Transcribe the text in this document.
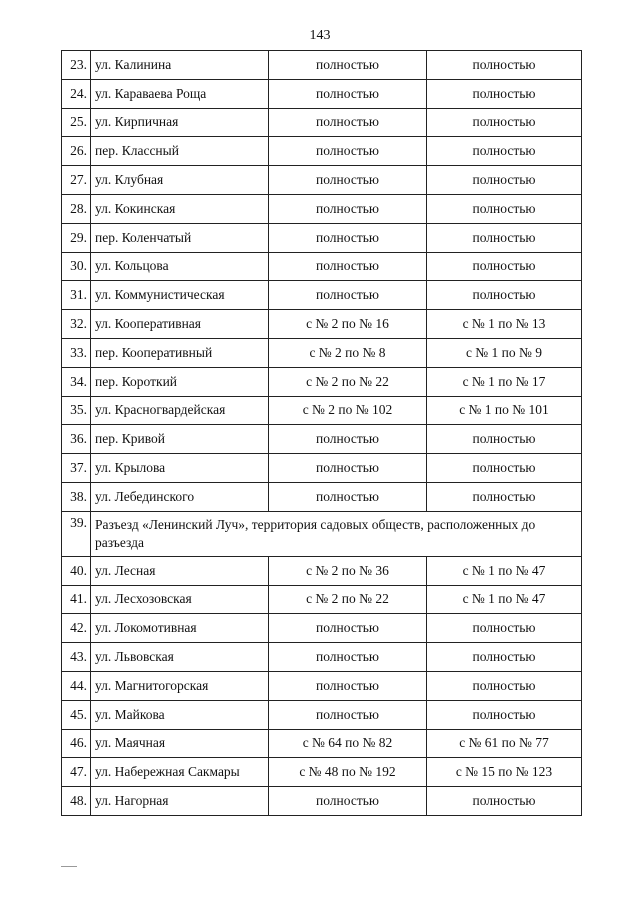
143
23.	ул. Калинина	полностью	полностью
24.	ул. Караваева Роща	полностью	полностью
25.	ул. Кирпичная	полностью	полностью
26.	пер. Классный	полностью	полностью
27.	ул. Клубная	полностью	полностью
28.	ул. Кокинская	полностью	полностью
29.	пер. Коленчатый	полностью	полностью
30.	ул. Кольцова	полностью	полностью
31.	ул. Коммунистическая	полностью	полностью
32.	ул. Кооперативная	с № 2 по № 16	с № 1 по № 13
33.	пер. Кооперативный	с № 2 по № 8	с № 1 по № 9
34.	пер. Короткий	с № 2 по № 22	с № 1 по № 17
35.	ул. Красногвардейская	с № 2 по № 102	с № 1 по № 101
36.	пер. Кривой	полностью	полностью
37.	ул. Крылова	полностью	полностью
38.	ул. Лебединского	полностью	полностью
39.	Разъезд «Ленинский Луч», территория садовых обществ, расположенных до разъезда		
40.	ул. Лесная	с № 2 по № 36	с № 1 по № 47
41.	ул. Лесхозовская	с № 2 по № 22	с № 1 по № 47
42.	ул. Локомотивная	полностью	полностью
43.	ул. Львовская	полностью	полностью
44.	ул. Магнитогорская	полностью	полностью
45.	ул. Майкова	полностью	полностью
46.	ул. Маячная	с № 64 по № 82	с № 61 по № 77
47.	ул. Набережная Сакмары	с № 48 по № 192	с № 15 по № 123
48.	ул. Нагорная	полностью	полностью
